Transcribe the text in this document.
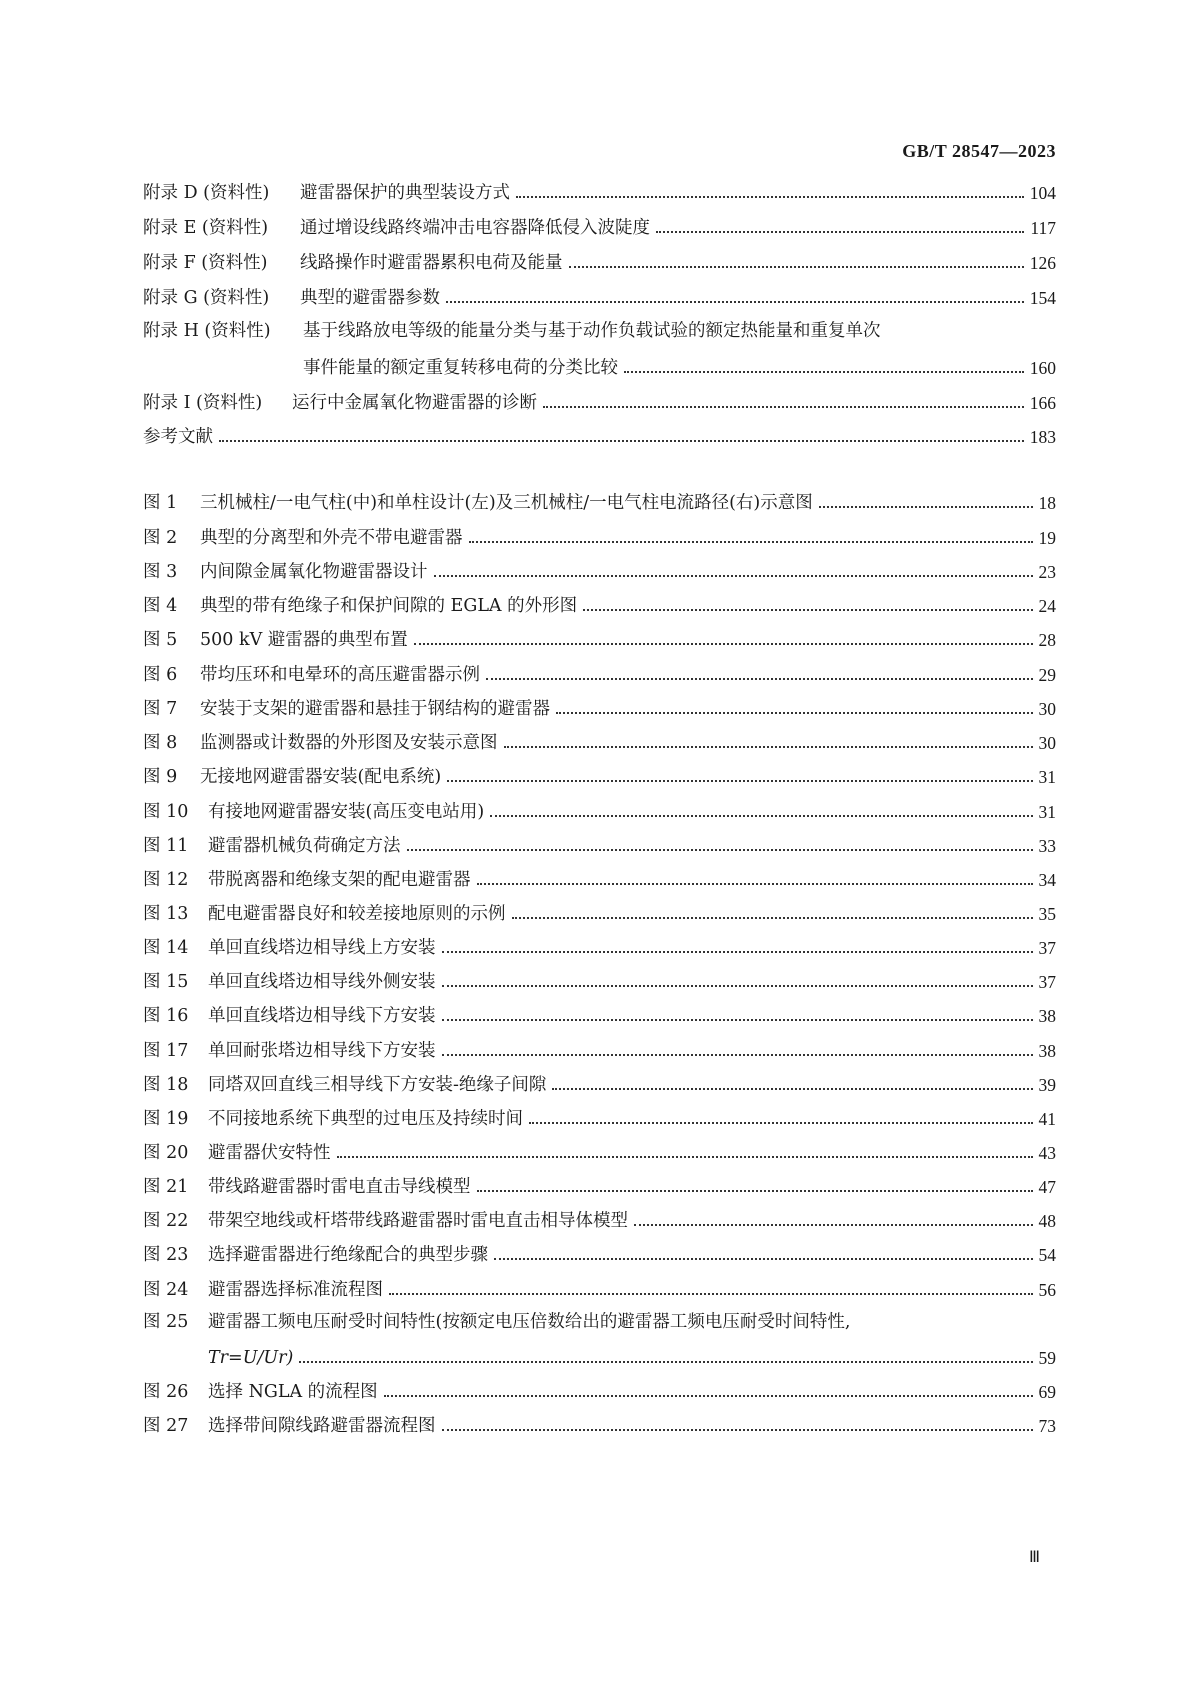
GB/T 28547—2023
附录 D (资料性)	避雷器保护的典型装设方式	104
附录 E (资料性)	通过增设线路终端冲击电容器降低侵入波陡度	117
附录 F (资料性)	线路操作时避雷器累积电荷及能量	126
附录 G (资料性)	典型的避雷器参数	154
附录 H (资料性) 基于线路放电等级的能量分类与基于动作负载试验的额定热能量和重复单次
事件能量的额定重复转移电荷的分类比较	160
附录 I (资料性)	运行中金属氧化物避雷器的诊断	166
参考文献	183
图 1	三机械柱/一电气柱(中)和单柱设计(左)及三机械柱/一电气柱电流路径(右)示意图	18
图 2	典型的分离型和外壳不带电避雷器	19
图 3	内间隙金属氧化物避雷器设计	23
图 4	典型的带有绝缘子和保护间隙的 EGLA 的外形图	24
图 5	500 kV 避雷器的典型布置	28
图 6	带均压环和电晕环的高压避雷器示例	29
图 7	安装于支架的避雷器和悬挂于钢结构的避雷器	30
图 8	监测器或计数器的外形图及安装示意图	30
图 9	无接地网避雷器安装(配电系统)	31
图 10	有接地网避雷器安装(高压变电站用)	31
图 11	避雷器机械负荷确定方法	33
图 12	带脱离器和绝缘支架的配电避雷器	34
图 13	配电避雷器良好和较差接地原则的示例	35
图 14	单回直线塔边相导线上方安装	37
图 15	单回直线塔边相导线外侧安装	37
图 16	单回直线塔边相导线下方安装	38
图 17	单回耐张塔边相导线下方安装	38
图 18	同塔双回直线三相导线下方安装-绝缘子间隙	39
图 19	不同接地系统下典型的过电压及持续时间	41
图 20	避雷器伏安特性	43
图 21	带线路避雷器时雷电直击导线模型	47
图 22	带架空地线或杆塔带线路避雷器时雷电直击相导体模型	48
图 23	选择避雷器进行绝缘配合的典型步骤	54
图 24	避雷器选择标准流程图	56
图 25 避雷器工频电压耐受时间特性(按额定电压倍数给出的避雷器工频电压耐受时间特性,
Tr=U/Ur)	59
图 26	选择 NGLA 的流程图	69
图 27	选择带间隙线路避雷器流程图	73
Ⅲ
